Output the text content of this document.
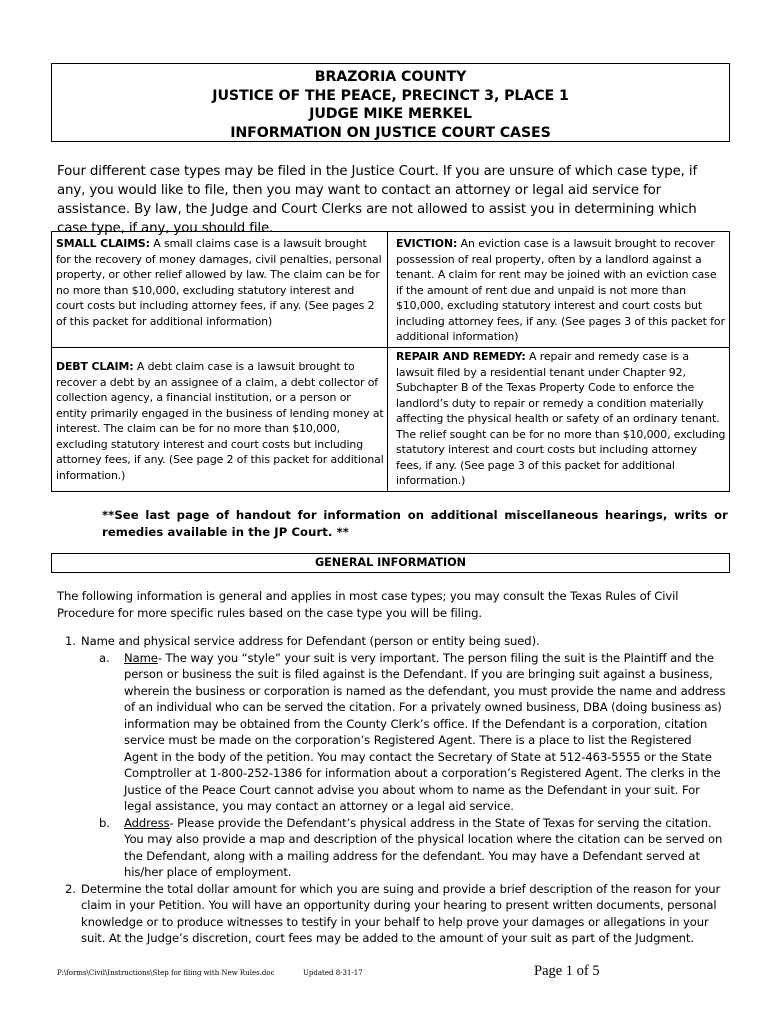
BRAZORIA COUNTY
JUSTICE OF THE PEACE, PRECINCT 3, PLACE 1
JUDGE MIKE MERKEL
INFORMATION ON JUSTICE COURT CASES
Four different case types may be filed in the Justice Court. If you are unsure of which case type, if any, you would like to file, then you may want to contact an attorney or legal aid service for assistance. By law, the Judge and Court Clerks are not allowed to assist you in determining which case type, if any, you should file.
SMALL CLAIMS: A small claims case is a lawsuit brought for the recovery of money damages, civil penalties, personal property, or other relief allowed by law. The claim can be for no more than $10,000, excluding statutory interest and court costs but including attorney fees, if any. (See pages 2 of this packet for additional information)
EVICTION: An eviction case is a lawsuit brought to recover possession of real property, often by a landlord against a tenant. A claim for rent may be joined with an eviction case if the amount of rent due and unpaid is not more than $10,000, excluding statutory interest and court costs but including attorney fees, if any. (See pages 3 of this packet for additional information)
DEBT CLAIM: A debt claim case is a lawsuit brought to recover a debt by an assignee of a claim, a debt collector of collection agency, a financial institution, or a person or entity primarily engaged in the business of lending money at interest. The claim can be for no more than $10,000, excluding statutory interest and court costs but including attorney fees, if any. (See page 2 of this packet for additional information.)
REPAIR AND REMEDY: A repair and remedy case is a lawsuit filed by a residential tenant under Chapter 92, Subchapter B of the Texas Property Code to enforce the landlord’s duty to repair or remedy a condition materially affecting the physical health or safety of an ordinary tenant. The relief sought can be for no more than $10,000, excluding statutory interest and court costs but including attorney fees, if any. (See page 3 of this packet for additional information.)
**See last page of handout for information on additional miscellaneous hearings, writs or remedies available in the JP Court. **
GENERAL INFORMATION
The following information is general and applies in most case types; you may consult the Texas Rules of Civil Procedure for more specific rules based on the case type you will be filing.
1. Name and physical service address for Defendant (person or entity being sued).
a. Name- The way you “style” your suit is very important. The person filing the suit is the Plaintiff and the person or business the suit is filed against is the Defendant. If you are bringing suit against a business, wherein the business or corporation is named as the defendant, you must provide the name and address of an individual who can be served the citation. For a privately owned business, DBA (doing business as) information may be obtained from the County Clerk’s office. If the Defendant is a corporation, citation service must be made on the corporation’s Registered Agent. There is a place to list the Registered Agent in the body of the petition. You may contact the Secretary of State at 512-463-5555 or the State Comptroller at 1-800-252-1386 for information about a corporation’s Registered Agent. The clerks in the Justice of the Peace Court cannot advise you about whom to name as the Defendant in your suit. For legal assistance, you may contact an attorney or a legal aid service.
b. Address- Please provide the Defendant’s physical address in the State of Texas for serving the citation. You may also provide a map and description of the physical location where the citation can be served on the Defendant, along with a mailing address for the defendant. You may have a Defendant served at his/her place of employment.
2. Determine the total dollar amount for which you are suing and provide a brief description of the reason for your claim in your Petition. You will have an opportunity during your hearing to present written documents, personal knowledge or to produce witnesses to testify in your behalf to help prove your damages or allegations in your suit. At the Judge’s discretion, court fees may be added to the amount of your suit as part of the Judgment.
P:\forms\Civil\Instructions\Step for filing with New Rules.doc	Updated 8-31-17	Page 1 of 5
